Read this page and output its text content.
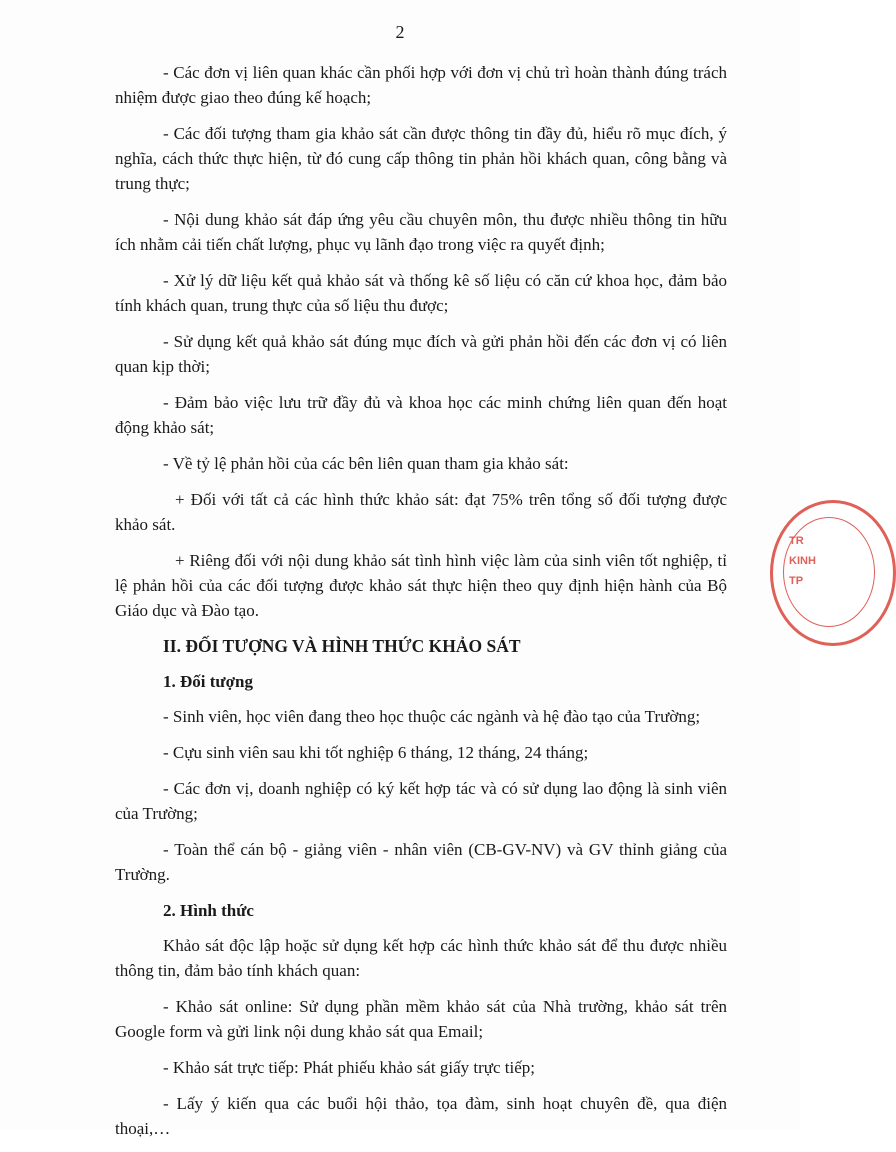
2

- Các đơn vị liên quan khác cần phối hợp với đơn vị chủ trì hoàn thành đúng trách nhiệm được giao theo đúng kế hoạch;

- Các đối tượng tham gia khảo sát cần được thông tin đầy đủ, hiểu rõ mục đích, ý nghĩa, cách thức thực hiện, từ đó cung cấp thông tin phản hồi khách quan, công bằng và trung thực;

- Nội dung khảo sát đáp ứng yêu cầu chuyên môn, thu được nhiều thông tin hữu ích nhằm cải tiến chất lượng, phục vụ lãnh đạo trong việc ra quyết định;

- Xử lý dữ liệu kết quả khảo sát và thống kê số liệu có căn cứ khoa học, đảm bảo tính khách quan, trung thực của số liệu thu được;

- Sử dụng kết quả khảo sát đúng mục đích và gửi phản hồi đến các đơn vị có liên quan kịp thời;

- Đảm bảo việc lưu trữ đầy đủ và khoa học các minh chứng liên quan đến hoạt động khảo sát;

- Về tỷ lệ phản hồi của các bên liên quan tham gia khảo sát:

+ Đối với tất cả các hình thức khảo sát: đạt 75% trên tổng số đối tượng được khảo sát.

+ Riêng đối với nội dung khảo sát tình hình việc làm của sinh viên tốt nghiệp, tỉ lệ phản hồi của các đối tượng được khảo sát thực hiện theo quy định hiện hành của Bộ Giáo dục và Đào tạo.

II. ĐỐI TƯỢNG VÀ HÌNH THỨC KHẢO SÁT
1. Đối tượng

- Sinh viên, học viên đang theo học thuộc các ngành và hệ đào tạo của Trường;

- Cựu sinh viên sau khi tốt nghiệp 6 tháng, 12 tháng, 24 tháng;

- Các đơn vị, doanh nghiệp có ký kết hợp tác và có sử dụng lao động là sinh viên của Trường;

- Toàn thể cán bộ - giảng viên - nhân viên (CB-GV-NV) và GV thỉnh giảng của Trường.

2. Hình thức

Khảo sát độc lập hoặc sử dụng kết hợp các hình thức khảo sát để thu được nhiều thông tin, đảm bảo tính khách quan:

- Khảo sát online: Sử dụng phần mềm khảo sát của Nhà trường, khảo sát trên Google form và gửi link nội dung khảo sát qua Email;

- Khảo sát trực tiếp: Phát phiếu khảo sát giấy trực tiếp;

- Lấy ý kiến qua các buổi hội thảo, tọa đàm, sinh hoạt chuyên đề, qua điện thoại,…

TR
KINH
TP
